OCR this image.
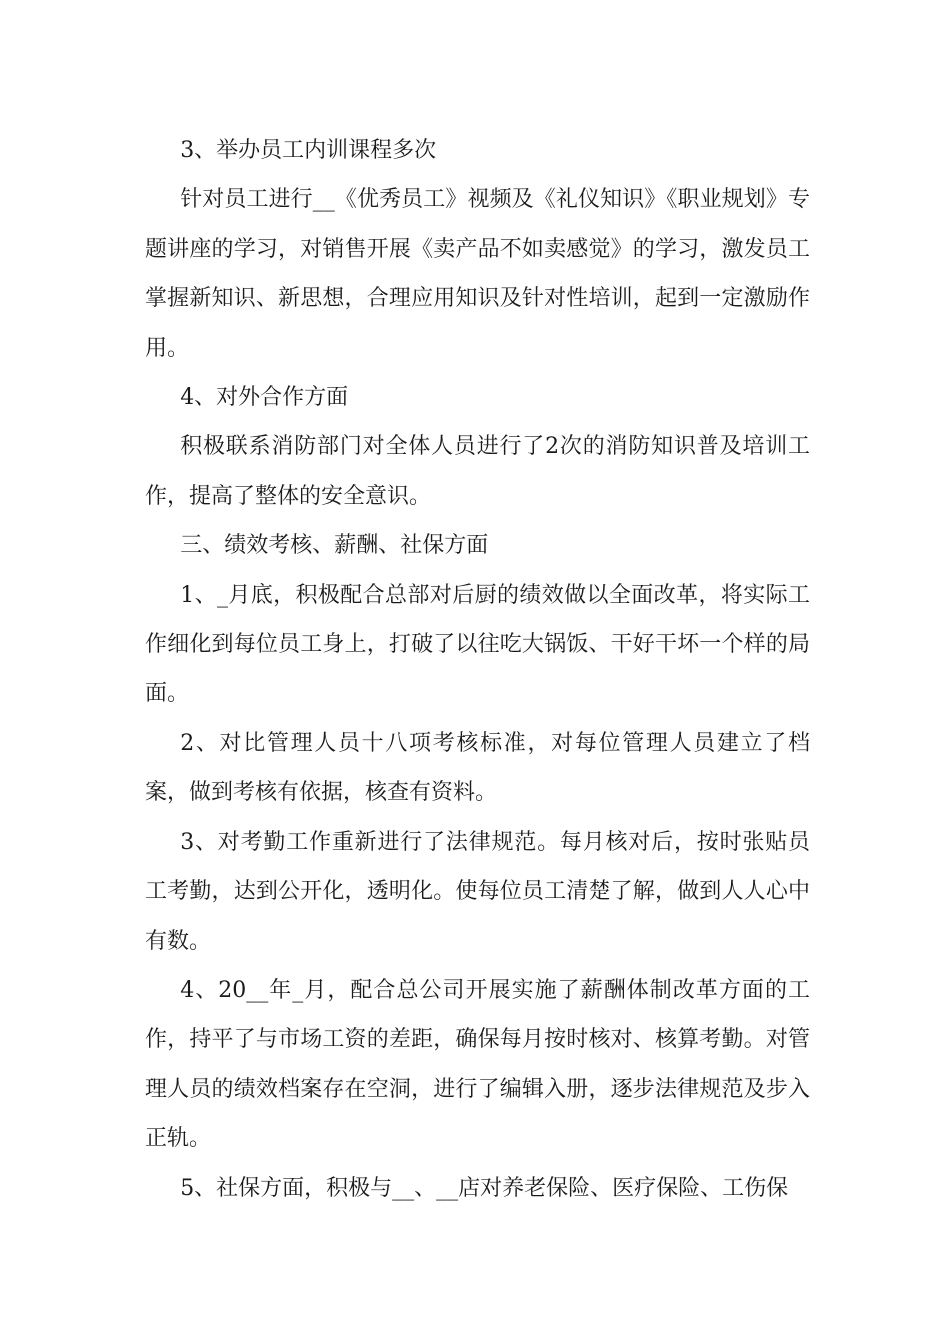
3、举办员工内训课程多次

针对员工进行__《优秀员工》视频及《礼仪知识》《职业规划》专题讲座的学习，对销售开展《卖产品不如卖感觉》的学习，激发员工掌握新知识、新思想，合理应用知识及针对性培训，起到一定激励作用。

4、对外合作方面

积极联系消防部门对全体人员进行了2次的消防知识普及培训工作，提高了整体的安全意识。

三、绩效考核、薪酬、社保方面

1、_月底，积极配合总部对后厨的绩效做以全面改革，将实际工作细化到每位员工身上，打破了以往吃大锅饭、干好干坏一个样的局面。

2、对比管理人员十八项考核标准，对每位管理人员建立了档案，做到考核有依据，核查有资料。

3、对考勤工作重新进行了法律规范。每月核对后，按时张贴员工考勤，达到公开化，透明化。使每位员工清楚了解，做到人人心中有数。

4、20__年_月，配合总公司开展实施了薪酬体制改革方面的工作，持平了与市场工资的差距，确保每月按时核对、核算考勤。对管理人员的绩效档案存在空洞，进行了编辑入册，逐步法律规范及步入正轨。

5、社保方面，积极与__、__店对养老保险、医疗保险、工伤保
